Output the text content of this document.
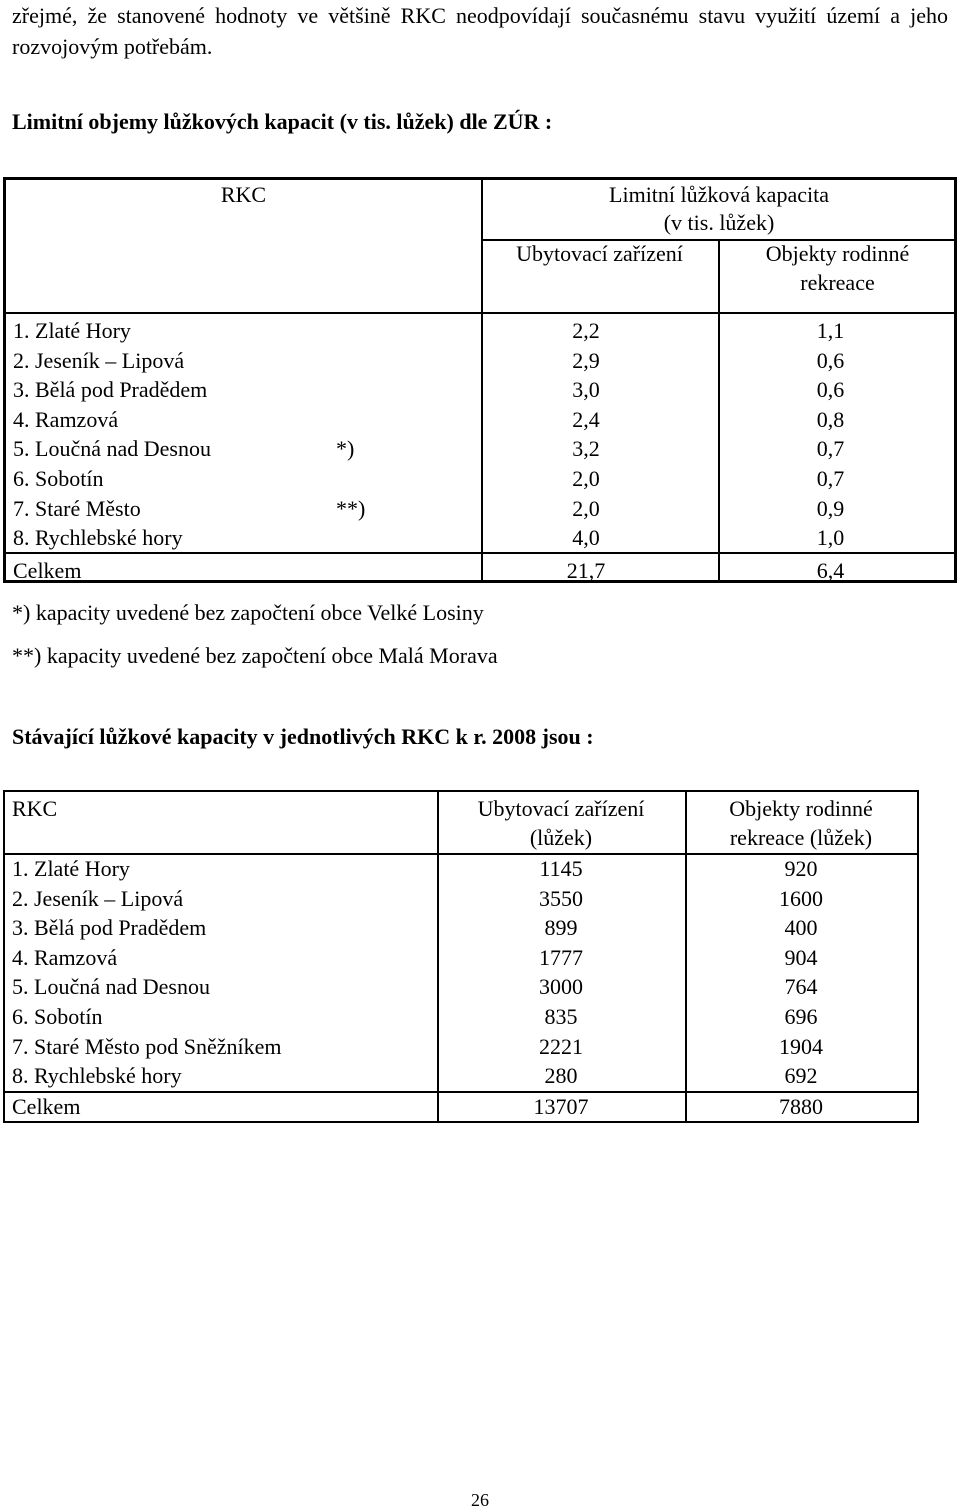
zřejmé, že stanovené hodnoty ve většině RKC neodpovídají současnému stavu využití území a jeho rozvojovým potřebám.
Limitní objemy lůžkových kapacit (v tis. lůžek) dle ZÚR :
RKC	Limitní lůžková kapacita
(v tis. lůžek)
Ubytovací zařízení	Objekty rodinné
rekreace
1. Zlaté Hory	2,2	1,1
2. Jeseník – Lipová	2,9	0,6
3. Bělá pod Pradědem	3,0	0,6
4. Ramzová	2,4	0,8
5. Loučná nad Desnou	*)	3,2	0,7
6. Sobotín	2,0	0,7
7. Staré Město	**)	2,0	0,9
8. Rychlebské hory	4,0	1,0
Celkem	21,7	6,4
*) kapacity uvedené bez započtení obce Velké Losiny
**) kapacity uvedené bez započtení obce Malá Morava
Stávající lůžkové kapacity v jednotlivých RKC k r. 2008 jsou :
RKC	Ubytovací zařízení
(lůžek)
Objekty rodinné
rekreace (lůžek)
1. Zlaté Hory	1145	920
2. Jeseník – Lipová	3550	1600
3. Bělá pod Pradědem	899	400
4. Ramzová	1777	904
5. Loučná nad Desnou	3000	764
6. Sobotín	835	696
7. Staré Město pod Sněžníkem	2221	1904
8. Rychlebské hory	280	692
Celkem	13707	7880
26
